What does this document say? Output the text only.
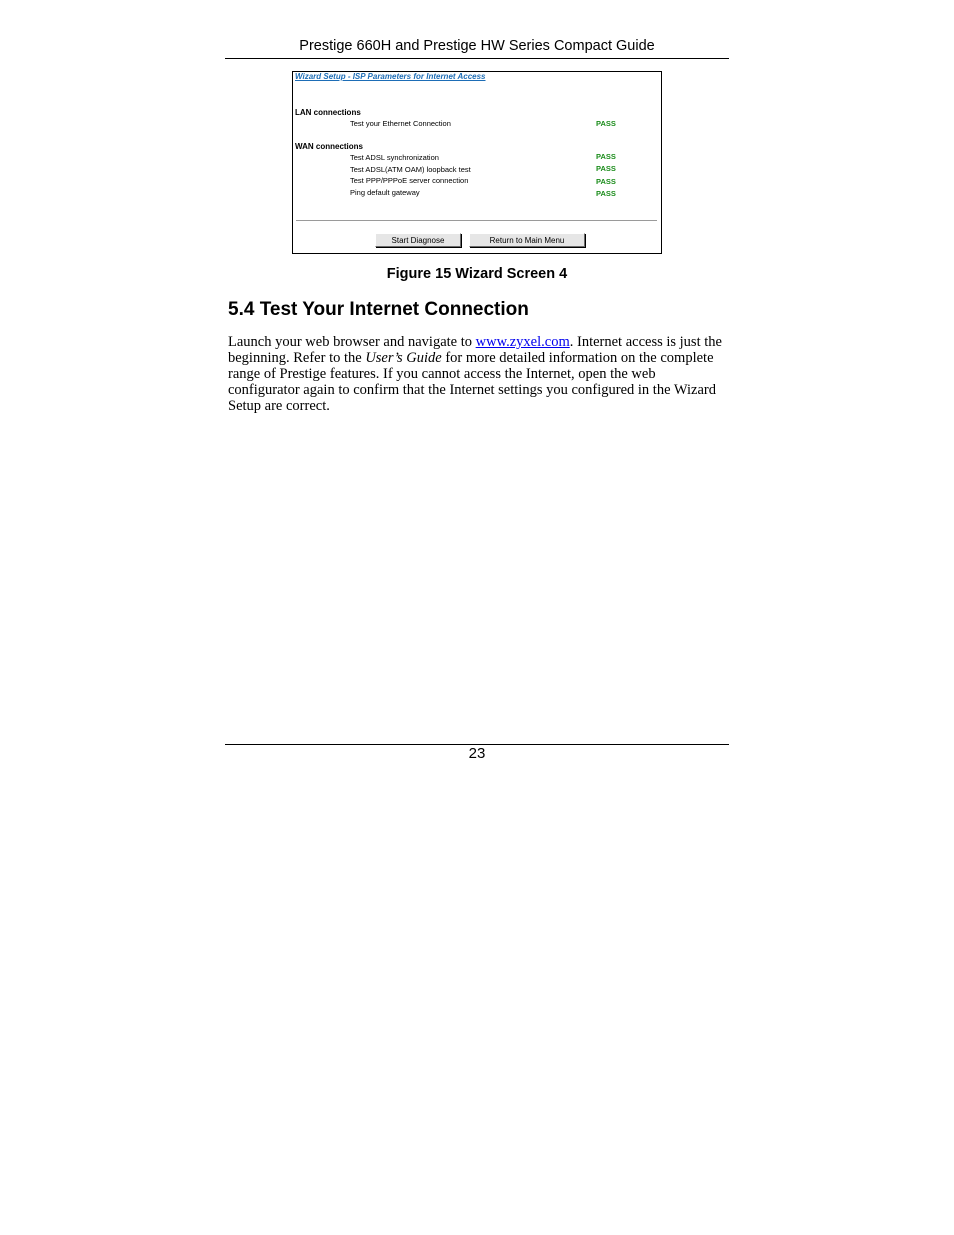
Prestige 660H and Prestige HW Series Compact Guide
Wizard Setup - ISP Parameters for Internet Access
LAN connections
Test your Ethernet Connection	PASS
WAN connections
Test ADSL synchronization	PASS
Test ADSL(ATM OAM) loopback test	PASS
Test PPP/PPPoE server connection	PASS
Ping default gateway	PASS
Start Diagnose	Return to Main Menu
Figure 15 Wizard Screen 4
5.4 Test Your Internet Connection
Launch your web browser and navigate to www.zyxel.com. Internet access is just the beginning. Refer to the User’s Guide for more detailed information on the complete range of Prestige features. If you cannot access the Internet, open the web configurator again to confirm that the Internet settings you configured in the Wizard Setup are correct.
23
